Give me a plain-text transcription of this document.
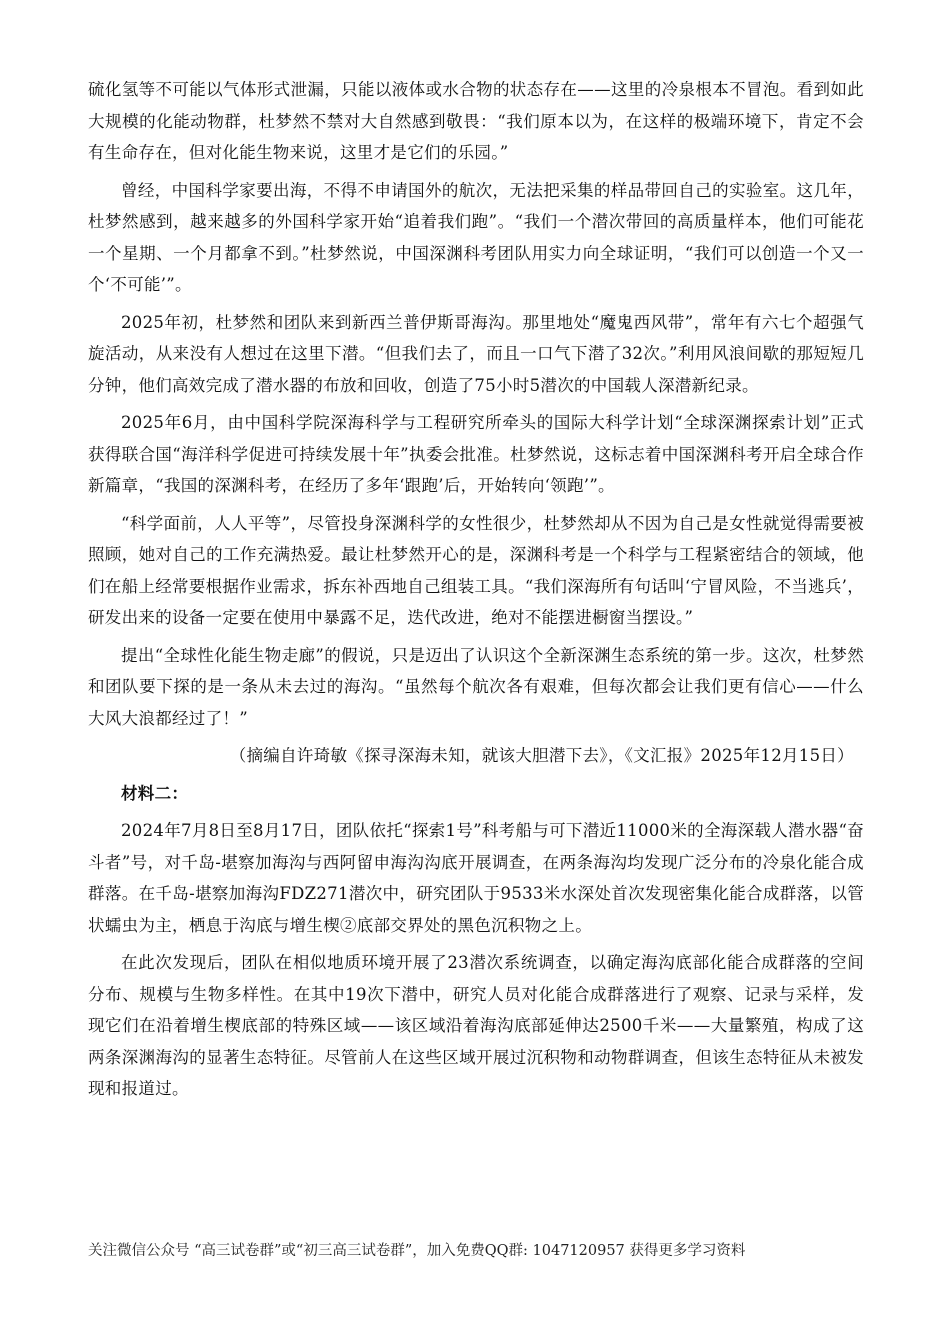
硫化氢等不可能以气体形式泄漏，只能以液体或水合物的状态存在——这里的冷泉根本不冒泡。看到如此大规模的化能动物群，杜梦然不禁对大自然感到敬畏：“我们原本以为，在这样的极端环境下，肯定不会有生命存在，但对化能生物来说，这里才是它们的乐园。”

曾经，中国科学家要出海，不得不申请国外的航次，无法把采集的样品带回自己的实验室。这几年，杜梦然感到，越来越多的外国科学家开始“追着我们跑”。“我们一个潜次带回的高质量样本，他们可能花一个星期、一个月都拿不到。”杜梦然说，中国深渊科考团队用实力向全球证明，“我们可以创造一个又一个‘不可能’”。

2025年初，杜梦然和团队来到新西兰普伊斯哥海沟。那里地处“魔鬼西风带”，常年有六七个超强气旋活动，从来没有人想过在这里下潜。“但我们去了，而且一口气下潜了32次。”利用风浪间歇的那短短几分钟，他们高效完成了潜水器的布放和回收，创造了75小时5潜次的中国载人深潜新纪录。

2025年6月，由中国科学院深海科学与工程研究所牵头的国际大科学计划“全球深渊探索计划”正式获得联合国“海洋科学促进可持续发展十年”执委会批准。杜梦然说，这标志着中国深渊科考开启全球合作新篇章，“我国的深渊科考，在经历了多年‘跟跑’后，开始转向‘领跑’”。

“科学面前，人人平等”，尽管投身深渊科学的女性很少，杜梦然却从不因为自己是女性就觉得需要被照顾，她对自己的工作充满热爱。最让杜梦然开心的是，深渊科考是一个科学与工程紧密结合的领域，他们在船上经常要根据作业需求，拆东补西地自己组装工具。“我们深海所有句话叫‘宁冒风险，不当逃兵’，研发出来的设备一定要在使用中暴露不足，迭代改进，绝对不能摆进橱窗当摆设。”

提出“全球性化能生物走廊”的假说，只是迈出了认识这个全新深渊生态系统的第一步。这次，杜梦然和团队要下探的是一条从未去过的海沟。“虽然每个航次各有艰难，但每次都会让我们更有信心——什么大风大浪都经过了！”

（摘编自许琦敏《探寻深海未知，就该大胆潜下去》，《文汇报》2025年12月15日）

材料二：

2024年7月8日至8月17日，团队依托“探索1号”科考船与可下潜近11000米的全海深载人潜水器“奋斗者”号，对千岛-堪察加海沟与西阿留申海沟沟底开展调查，在两条海沟均发现广泛分布的冷泉化能合成群落。在千岛-堪察加海沟FDZ271潜次中，研究团队于9533米水深处首次发现密集化能合成群落，以管状蠕虫为主，栖息于沟底与增生楔②底部交界处的黑色沉积物之上。

在此次发现后，团队在相似地质环境开展了23潜次系统调查，以确定海沟底部化能合成群落的空间分布、规模与生物多样性。在其中19次下潜中，研究人员对化能合成群落进行了观察、记录与采样，发现它们在沿着增生楔底部的特殊区域——该区域沿着海沟底部延伸达2500千米——大量繁殖，构成了这两条深渊海沟的显著生态特征。尽管前人在这些区域开展过沉积物和动物群调查，但该生态特征从未被发现和报道过。

关注微信公众号 “高三试卷群”或“初三高三试卷群”，加入免费QQ群: 1047120957 获得更多学习资料
